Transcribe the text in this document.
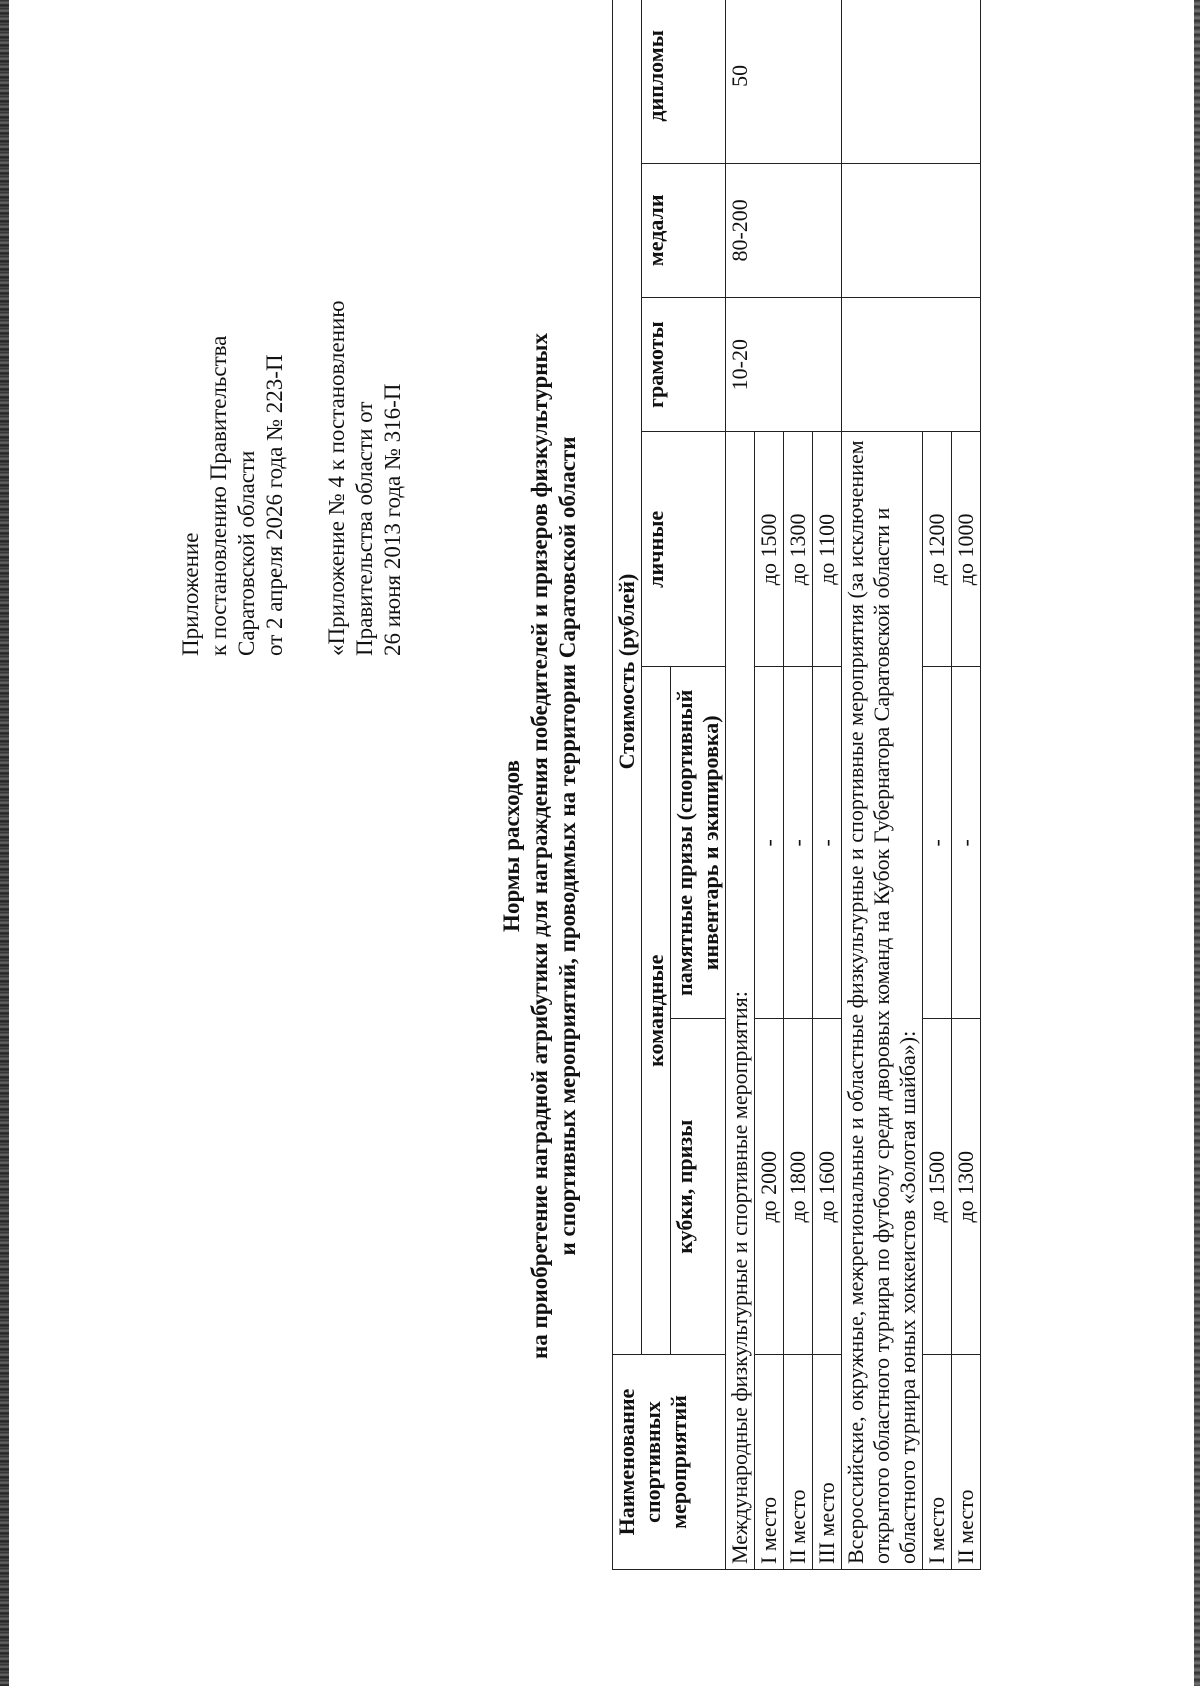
Приложение к постановлению Правительства Саратовской области от 2 апреля 2026 года № 223-П «Приложение № 4 к постановлению Правительства области от 26 июня 2013 года № 316-П
Нормы расходов на приобретение наградной атрибутики для награждения победителей и призеров физкультурных и спортивных мероприятий, проводимых на территории Саратовской области
Наименование спортивных мероприятий	Стоимость (рублей)					
	командные		личные	грамоты	медали	дипломы
	кубки, призы	памятные призы (спортивный инвентарь и экипировка)				
Международные физкультурные и спортивные мероприятия:				10-20	80-200	50
I место	до 2000	-	до 1500			
II место	до 1800	-	до 1300			
III место	до 1600	-	до 1100			
Всероссийские, окружные, межрегиональные и областные физкультурные и спортивные мероприятия (за исключением открытого областного турнира по футболу среди дворовых команд на Кубок Губернатора Саратовской области и областного турнира юных хоккеистов «Золотая шайба»):						
I место	до 1500	-	до 1200			
II место	до 1300	-	до 1000			
